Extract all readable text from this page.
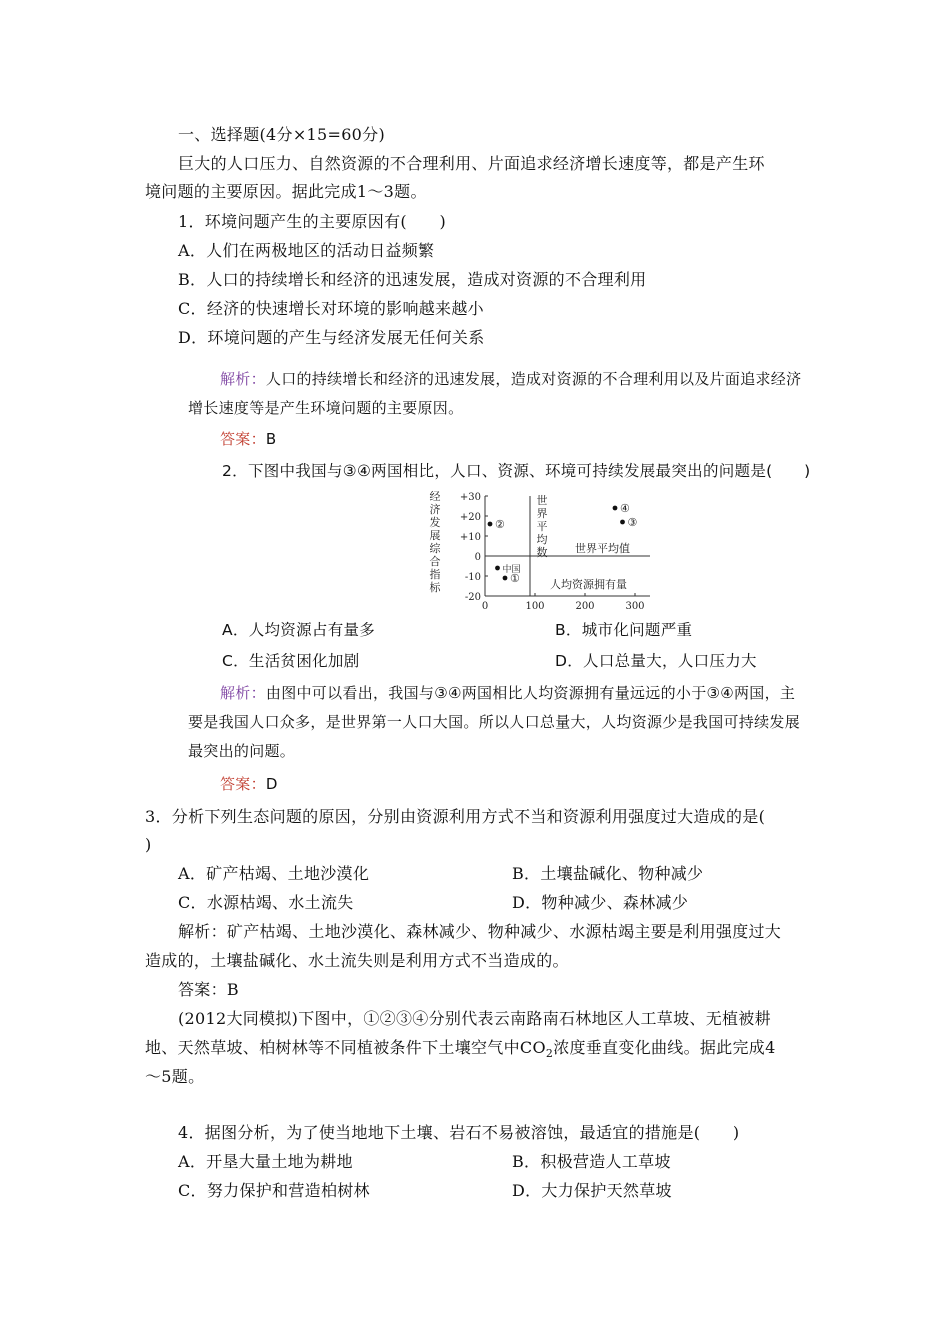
一、选择题(4分×15=60分)
巨大的人口压力、自然资源的不合理利用、片面追求经济增长速度等，都是产生环
境问题的主要原因。据此完成1～3题。
1．环境问题产生的主要原因有(　　)
A．人们在两极地区的活动日益频繁
B．人口的持续增长和经济的迅速发展，造成对资源的不合理利用
C．经济的快速增长对环境的影响越来越小
D．环境问题的产生与经济发展无任何关系
解析：人口的持续增长和经济的迅速发展，造成对资源的不合理利用以及片面追求经济
增长速度等是产生环境问题的主要原因。
答案：B
2．下图中我国与③④两国相比，人口、资源、环境可持续发展最突出的问题是(　　)
经
济
发
展
综
合
指
标
+30
+20
+10
0
-10
-20
0	100	200	300
世
界
平
均
数	世界平均值
人均资源拥有量
②
中国
①
④
③
A．人均资源占有量多	B．城市化问题严重
C．生活贫困化加剧	D．人口总量大，人口压力大
解析：由图中可以看出，我国与③④两国相比人均资源拥有量远远的小于③④两国，主
要是我国人口众多，是世界第一人口大国。所以人口总量大，人均资源少是我国可持续发展
最突出的问题。
答案：D
3．分析下列生态问题的原因，分别由资源利用方式不当和资源利用强度过大造成的是(
)
A．矿产枯竭、土地沙漠化	B．土壤盐碱化、物种减少
C．水源枯竭、水土流失	D．物种减少、森林减少
解析：矿产枯竭、土地沙漠化、森林减少、物种减少、水源枯竭主要是利用强度过大
造成的，土壤盐碱化、水土流失则是利用方式不当造成的。
答案：B
(2012大同模拟)下图中，①②③④分别代表云南路南石林地区人工草坡、无植被耕
地、天然草坡、柏树林等不同植被条件下土壤空气中$CO_2$浓度垂直变化曲线。据此完成4
～5题。
4．据图分析，为了使当地地下土壤、岩石不易被溶蚀，最适宜的措施是(　　)
A．开垦大量土地为耕地	B．积极营造人工草坡
C．努力保护和营造柏树林	D．大力保护天然草坡
